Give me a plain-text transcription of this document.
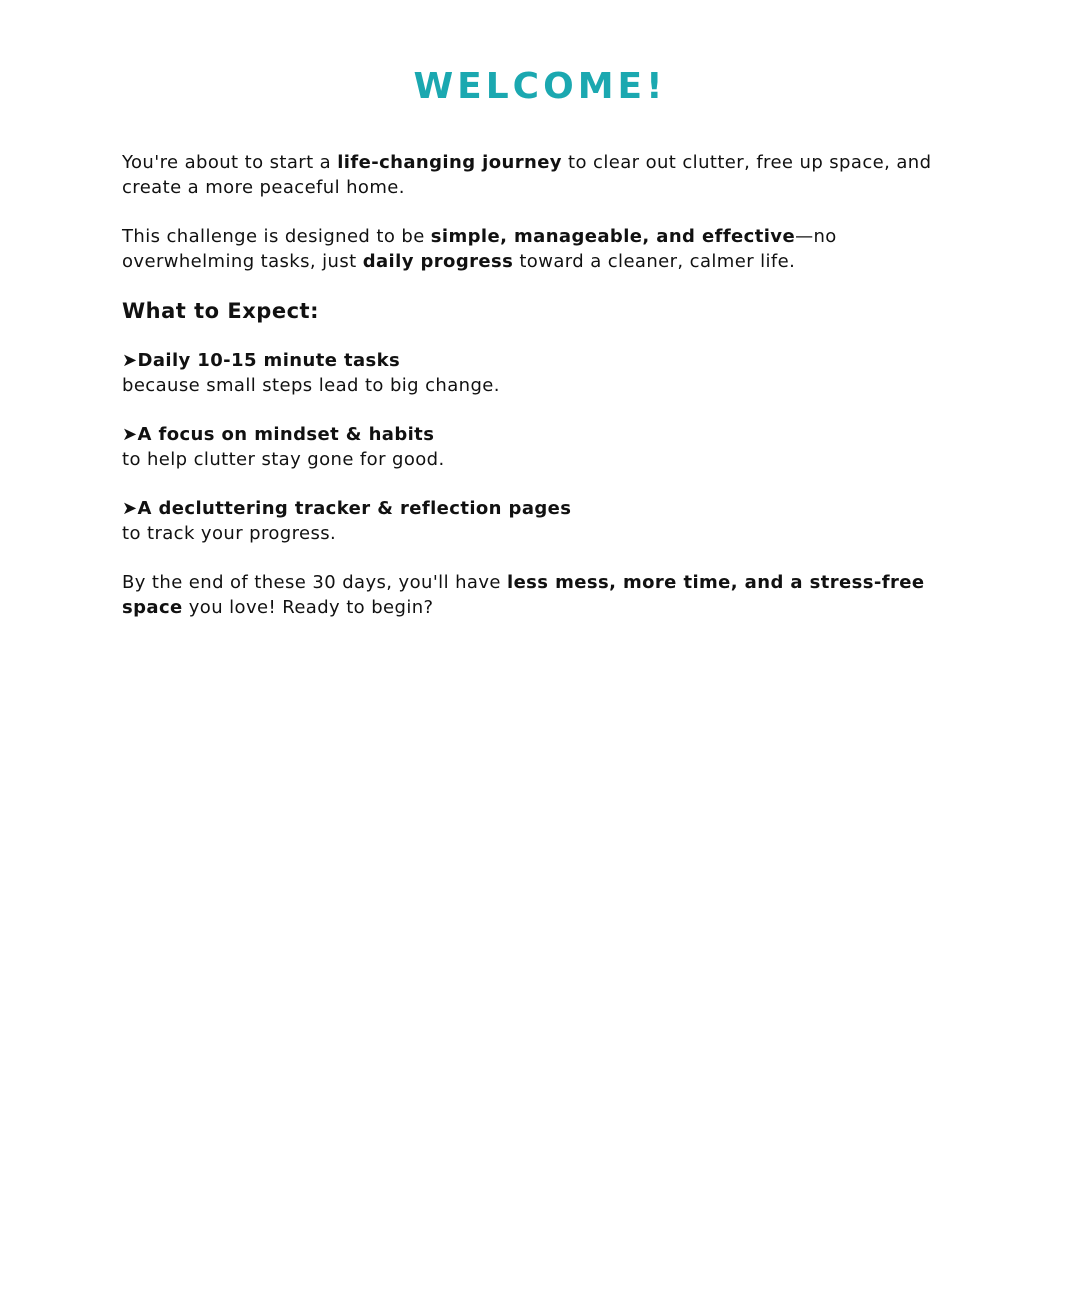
WELCOME!

You're about to start a life-changing journey to clear out clutter, free up space, and create a more peaceful home.

This challenge is designed to be simple, manageable, and effective—no overwhelming tasks, just daily progress toward a cleaner, calmer life.

What to Expect:
➤Daily 10-15 minute tasks
because small steps lead to big change.
➤A focus on mindset & habits
to help clutter stay gone for good.
➤A decluttering tracker & reflection pages
to track your progress.

By the end of these 30 days, you'll have less mess, more time, and a stress-free space you love! Ready to begin?
